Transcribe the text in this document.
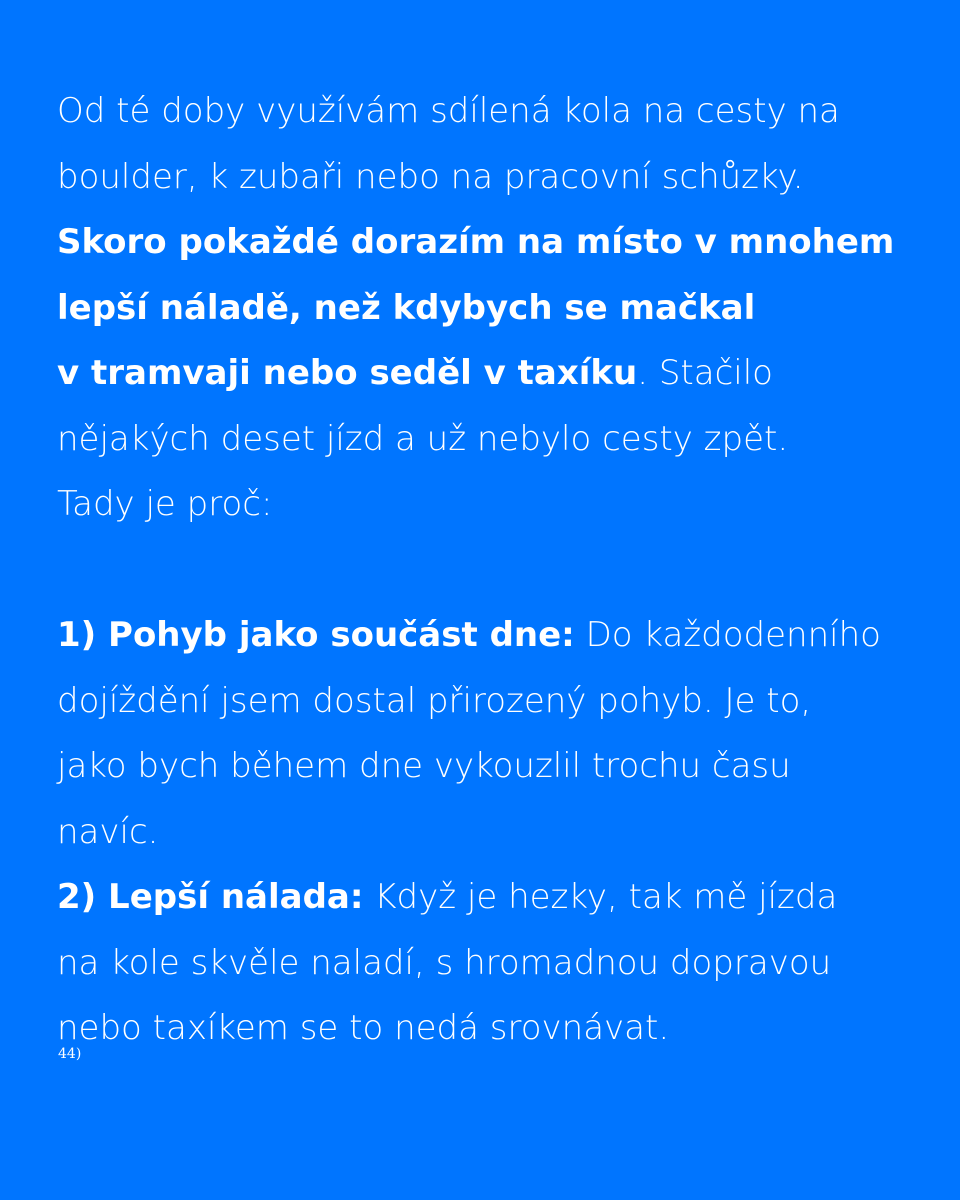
Od té doby využívám sdílená kola na cesty na
boulder, k zubaři nebo na pracovní schůzky.
Skoro pokaždé dorazím na místo v mnohem
lepší náladě, než kdybych se mačkal
v tramvaji nebo seděl v taxíku. Stačilo
nějakých deset jízd a už nebylo cesty zpět.
Tady je proč:

1) Pohyb jako součást dne: Do každodenního
dojíždění jsem dostal přirozený pohyb. Je to,
jako bych během dne vykouzlil trochu času
navíc.

2) Lepší nálada: Když je hezky, tak mě jízda
na kole skvěle naladí, s hromadnou dopravou
nebo taxíkem se to nedá srovnávat.

44)
